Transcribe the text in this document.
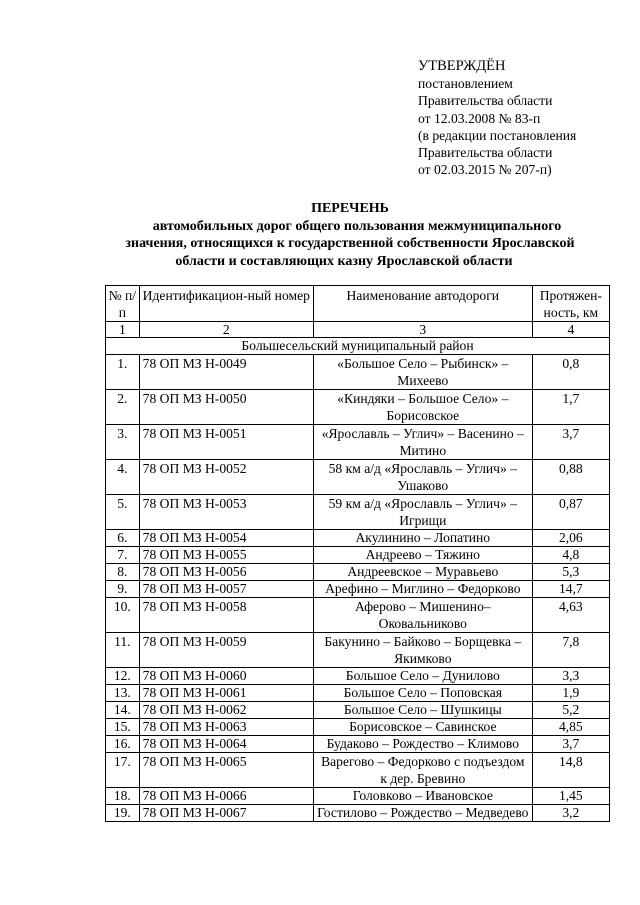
УТВЕРЖДЁН
постановлением
Правительства области
от 12.03.2008 № 83-п
(в редакции постановления
Правительства области
от 02.03.2015 № 207-п)
ПЕРЕЧЕНЬ
автомобильных дорог общего пользования межмуниципального
значения, относящихся к государственной собственности Ярославской
области и составляющих казну Ярославской области
№ п/п	Идентификацион-ный номер	Наименование автодороги	Протяжен-ность, км
1	2	3	4
Большесельский муниципальный район			
1.	78 ОП МЗ Н-0049	«Большое Село – Рыбинск» – Михеево	0,8
2.	78 ОП МЗ Н-0050	«Киндяки – Большое Село» – Борисовское	1,7
3.	78 ОП МЗ Н-0051	«Ярославль – Углич» – Васенино – Митино	3,7
4.	78 ОП МЗ Н-0052	58 км а/д «Ярославль – Углич» – Ушаково	0,88
5.	78 ОП МЗ Н-0053	59 км а/д «Ярославль – Углич» – Игрищи	0,87
6.	78 ОП МЗ Н-0054	Акулинино – Лопатино	2,06
7.	78 ОП МЗ Н-0055	Андреево – Тяжино	4,8
8.	78 ОП МЗ Н-0056	Андреевское – Муравьево	5,3
9.	78 ОП МЗ Н-0057	Арефино – Миглино – Федорково	14,7
10.	78 ОП МЗ Н-0058	Аферово – Мишенино– Оковальниково	4,63
11.	78 ОП МЗ Н-0059	Бакунино – Байково – Борщевка – Якимково	7,8
12.	78 ОП МЗ Н-0060	Большое Село – Дунилово	3,3
13.	78 ОП МЗ Н-0061	Большое Село – Поповская	1,9
14.	78 ОП МЗ Н-0062	Большое Село – Шушкицы	5,2
15.	78 ОП МЗ Н-0063	Борисовское – Савинское	4,85
16.	78 ОП МЗ Н-0064	Будаково – Рождество – Климово	3,7
17.	78 ОП МЗ Н-0065	Варегово – Федорково с подъездом к дер. Бревино	14,8
18.	78 ОП МЗ Н-0066	Головково – Ивановское	1,45
19.	78 ОП МЗ Н-0067	Гостилово – Рождество – Медведево	3,2
